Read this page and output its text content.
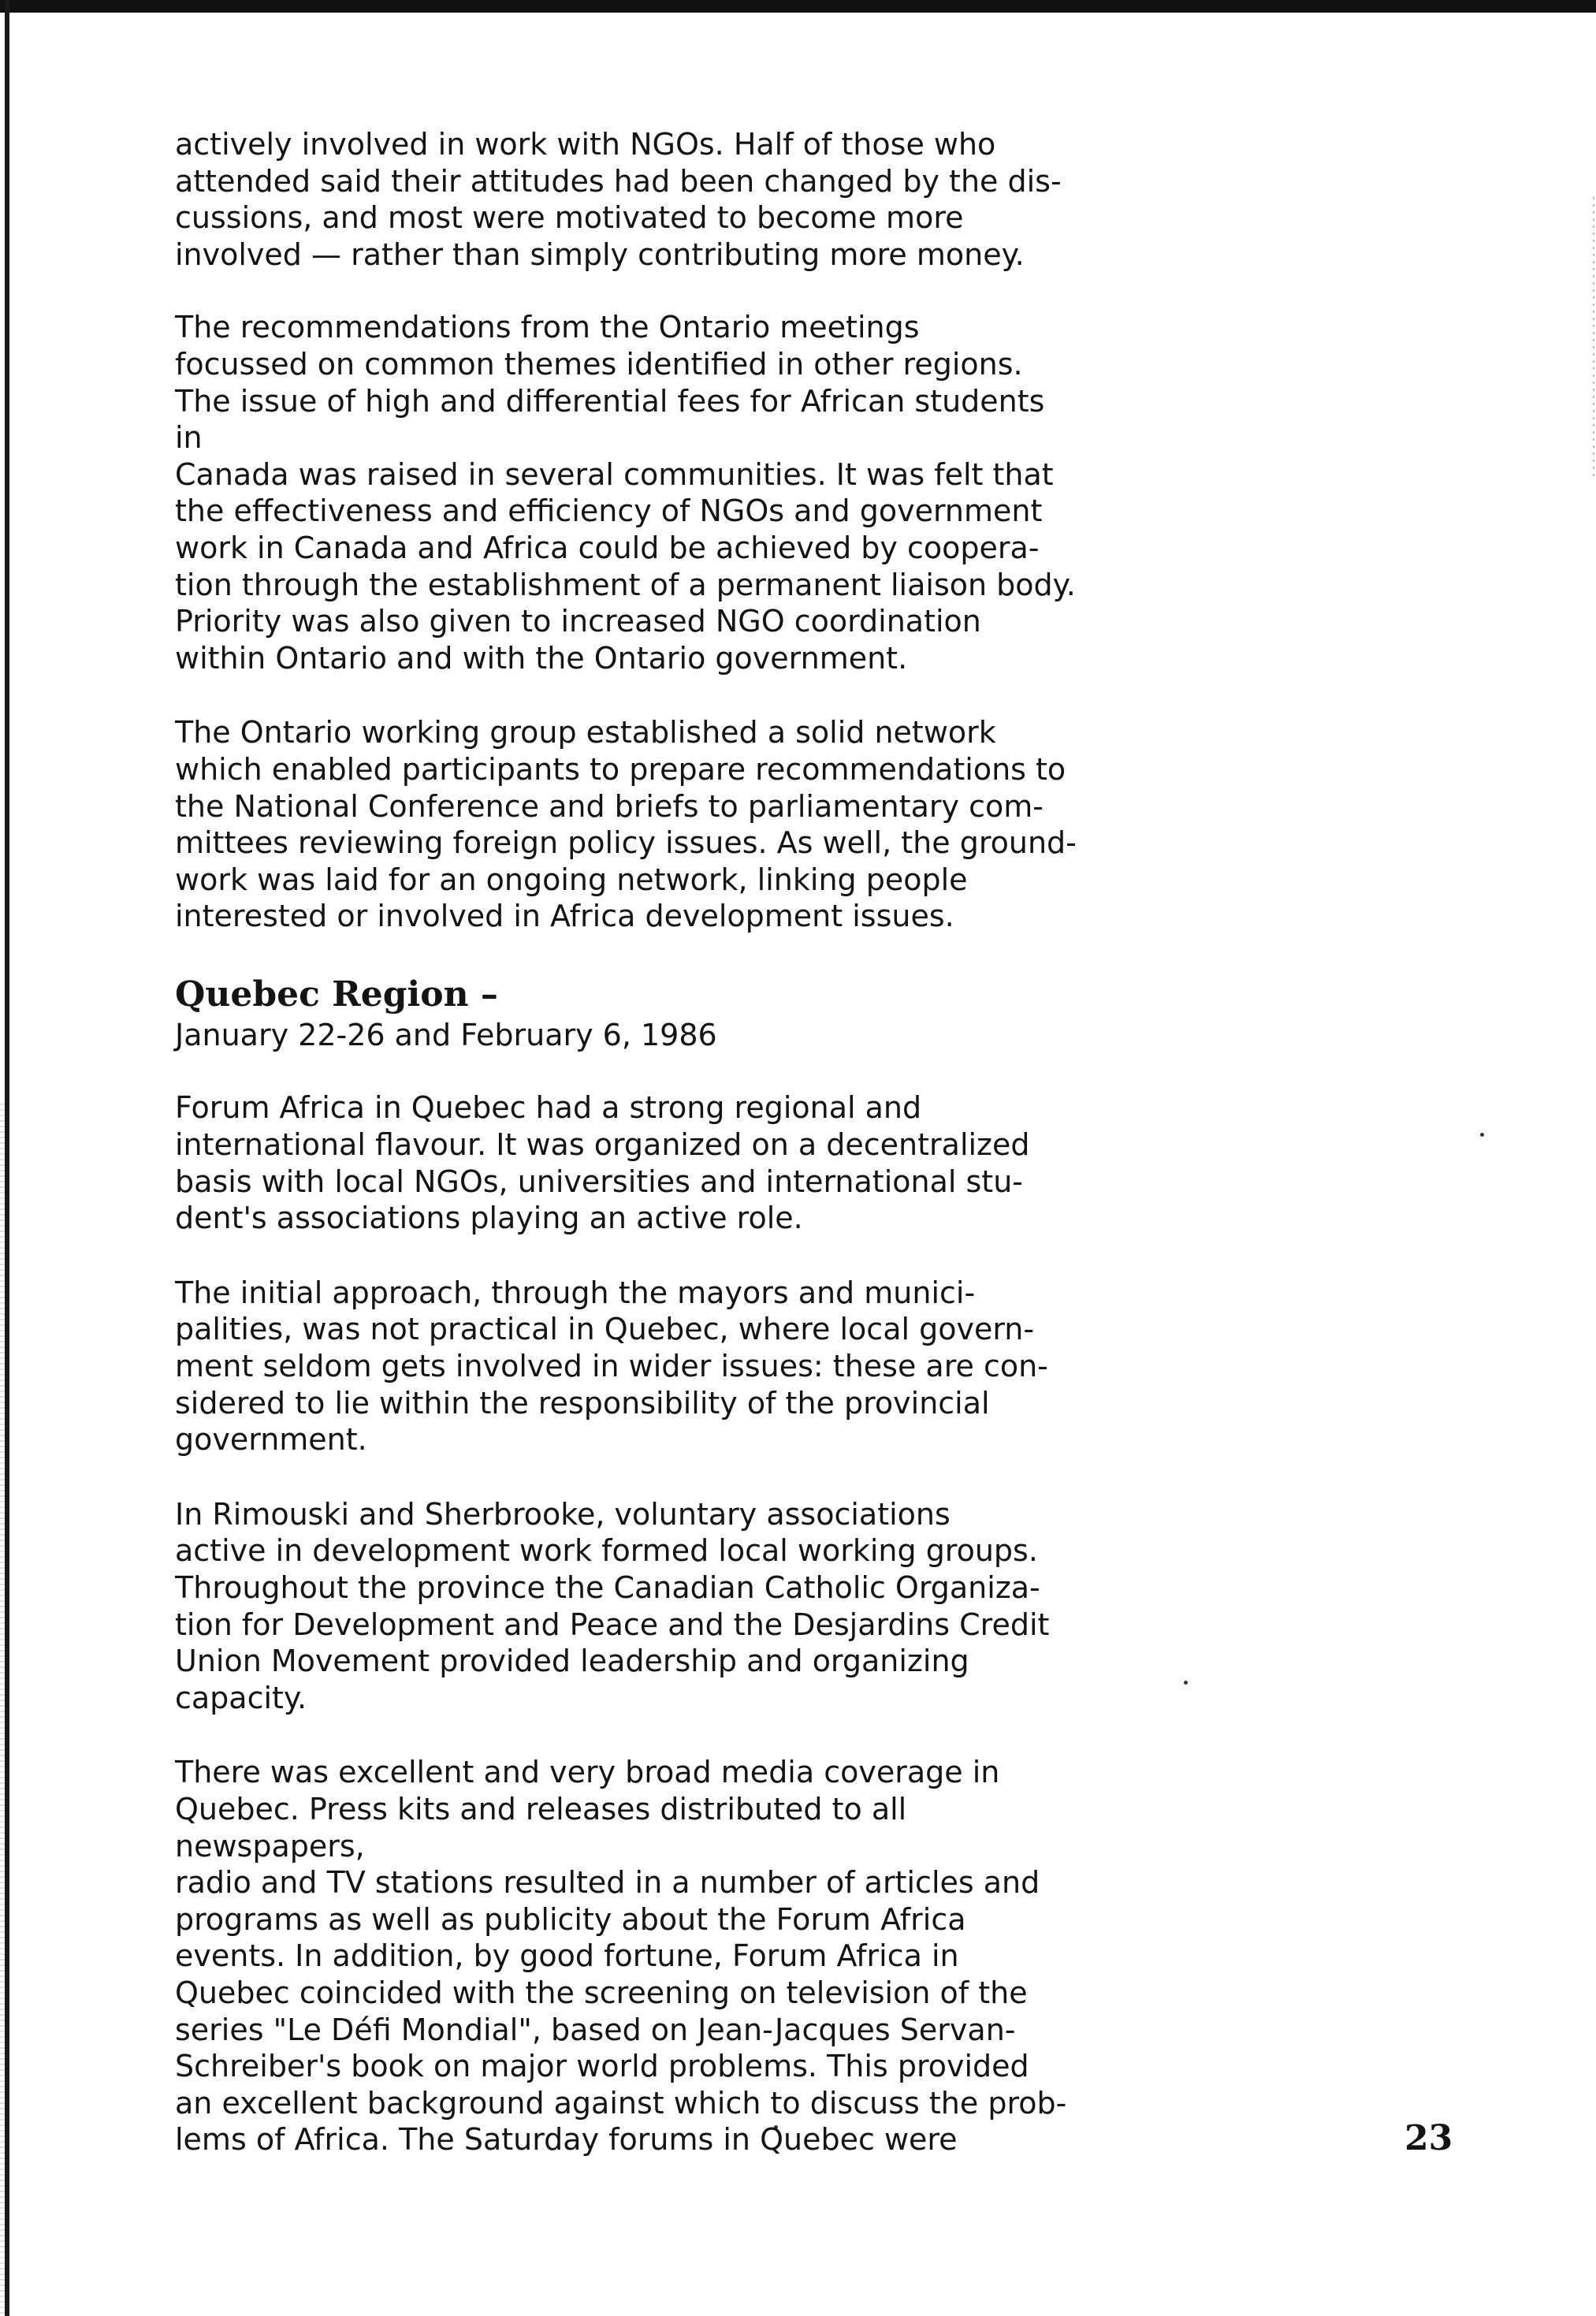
actively involved in work with NGOs. Half of those who
attended said their attitudes had been changed by the dis-
cussions, and most were motivated to become more
involved — rather than simply contributing more money.

The recommendations from the Ontario meetings
focussed on common themes identified in other regions.
The issue of high and differential fees for African students in
Canada was raised in several communities. It was felt that
the effectiveness and efficiency of NGOs and government
work in Canada and Africa could be achieved by coopera-
tion through the establishment of a permanent liaison body.
Priority was also given to increased NGO coordination
within Ontario and with the Ontario government.

The Ontario working group established a solid network
which enabled participants to prepare recommendations to
the National Conference and briefs to parliamentary com-
mittees reviewing foreign policy issues. As well, the ground-
work was laid for an ongoing network, linking people
interested or involved in Africa development issues.

Quebec Region –
January 22-26 and February 6, 1986

Forum Africa in Quebec had a strong regional and
international flavour. It was organized on a decentralized
basis with local NGOs, universities and international stu-
dent's associations playing an active role.

The initial approach, through the mayors and munici-
palities, was not practical in Quebec, where local govern-
ment seldom gets involved in wider issues: these are con-
sidered to lie within the responsibility of the provincial
government.

In Rimouski and Sherbrooke, voluntary associations
active in development work formed local working groups.
Throughout the province the Canadian Catholic Organiza-
tion for Development and Peace and the Desjardins Credit
Union Movement provided leadership and organizing
capacity.

There was excellent and very broad media coverage in
Quebec. Press kits and releases distributed to all newspapers,
radio and TV stations resulted in a number of articles and
programs as well as publicity about the Forum Africa
events. In addition, by good fortune, Forum Africa in
Quebec coincided with the screening on television of the
series "Le Défi Mondial", based on Jean-Jacques Servan-
Schreiber's book on major world problems. This provided
an excellent background against which to discuss the prob-
lems of Africa. The Saturday forums in Quebec were	23
